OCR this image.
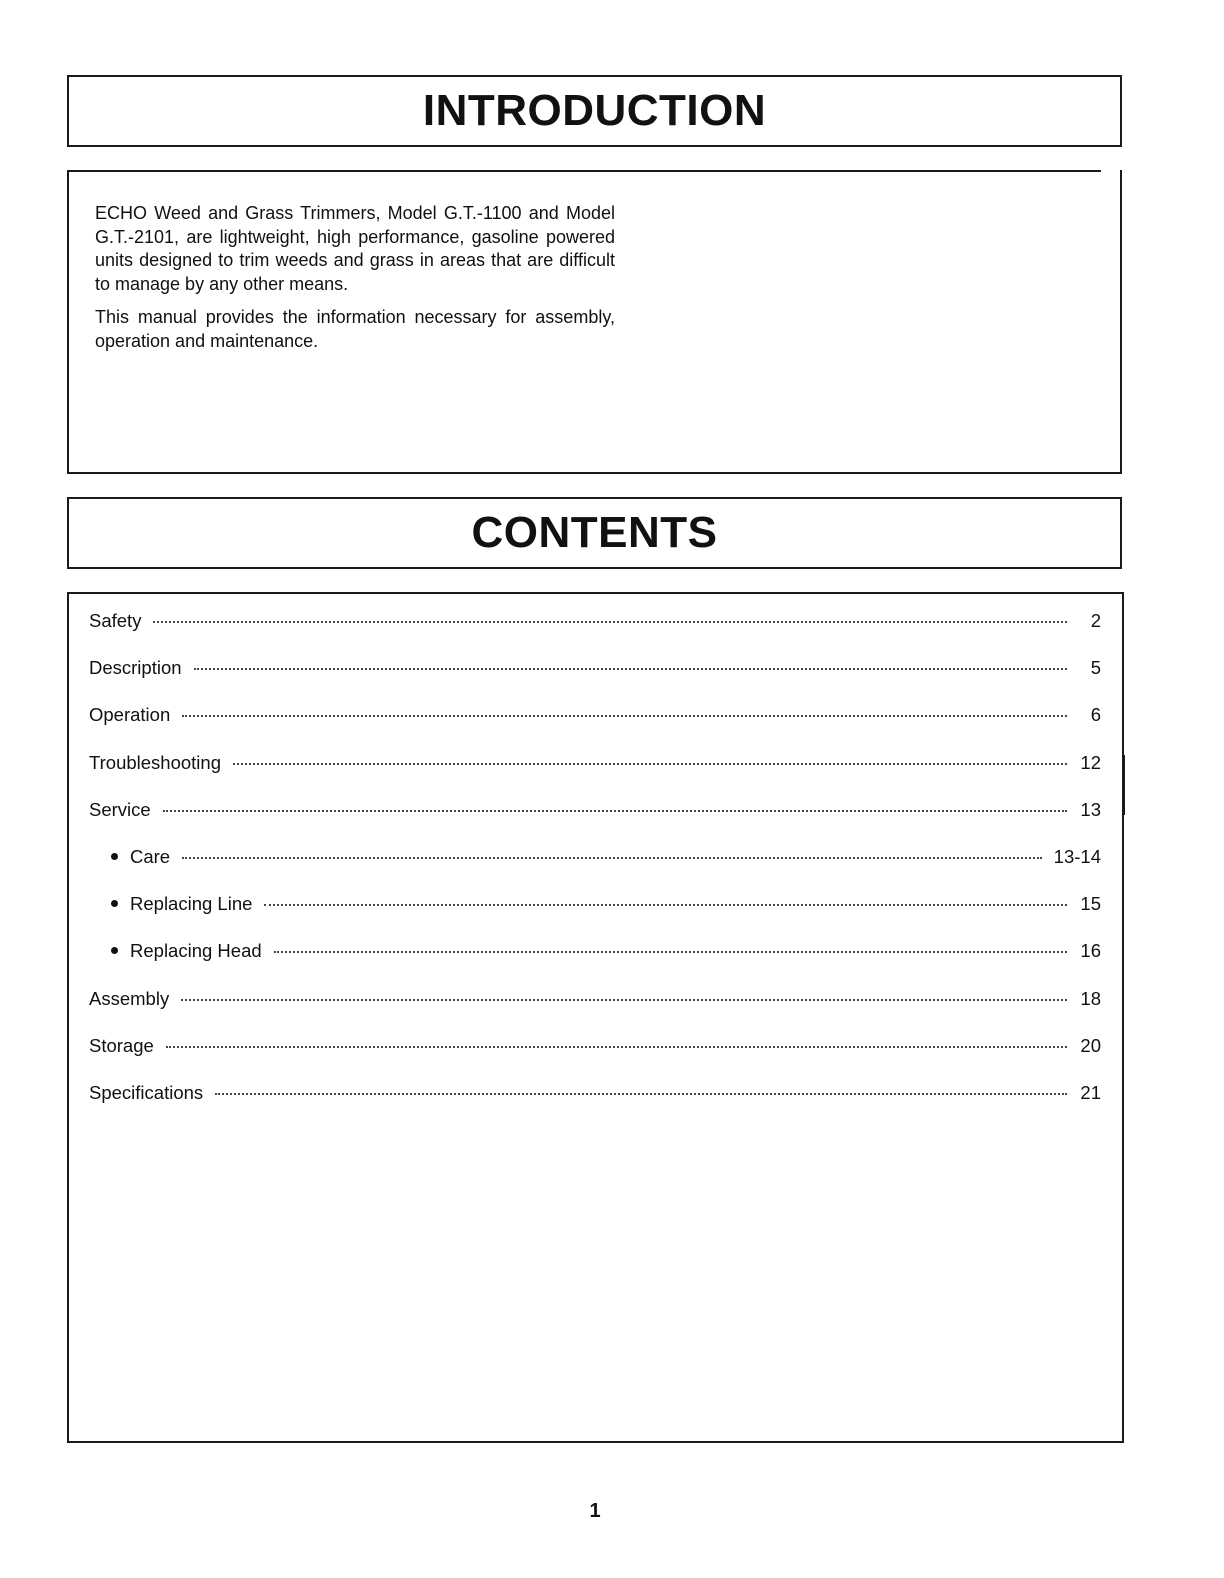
INTRODUCTION

ECHO Weed and Grass Trimmers, Model G.T.-1100 and Model G.T.-2101, are lightweight, high performance, gasoline powered units designed to trim weeds and grass in areas that are difficult to manage by any other means.

This manual provides the information necessary for assembly, operation and maintenance.

CONTENTS
Safety	2
Description	5
Operation	6
Troubleshooting	12
Service	13
Care	13-14
Replacing Line	15
Replacing Head	16
Assembly	18
Storage	20
Specifications	21
1
